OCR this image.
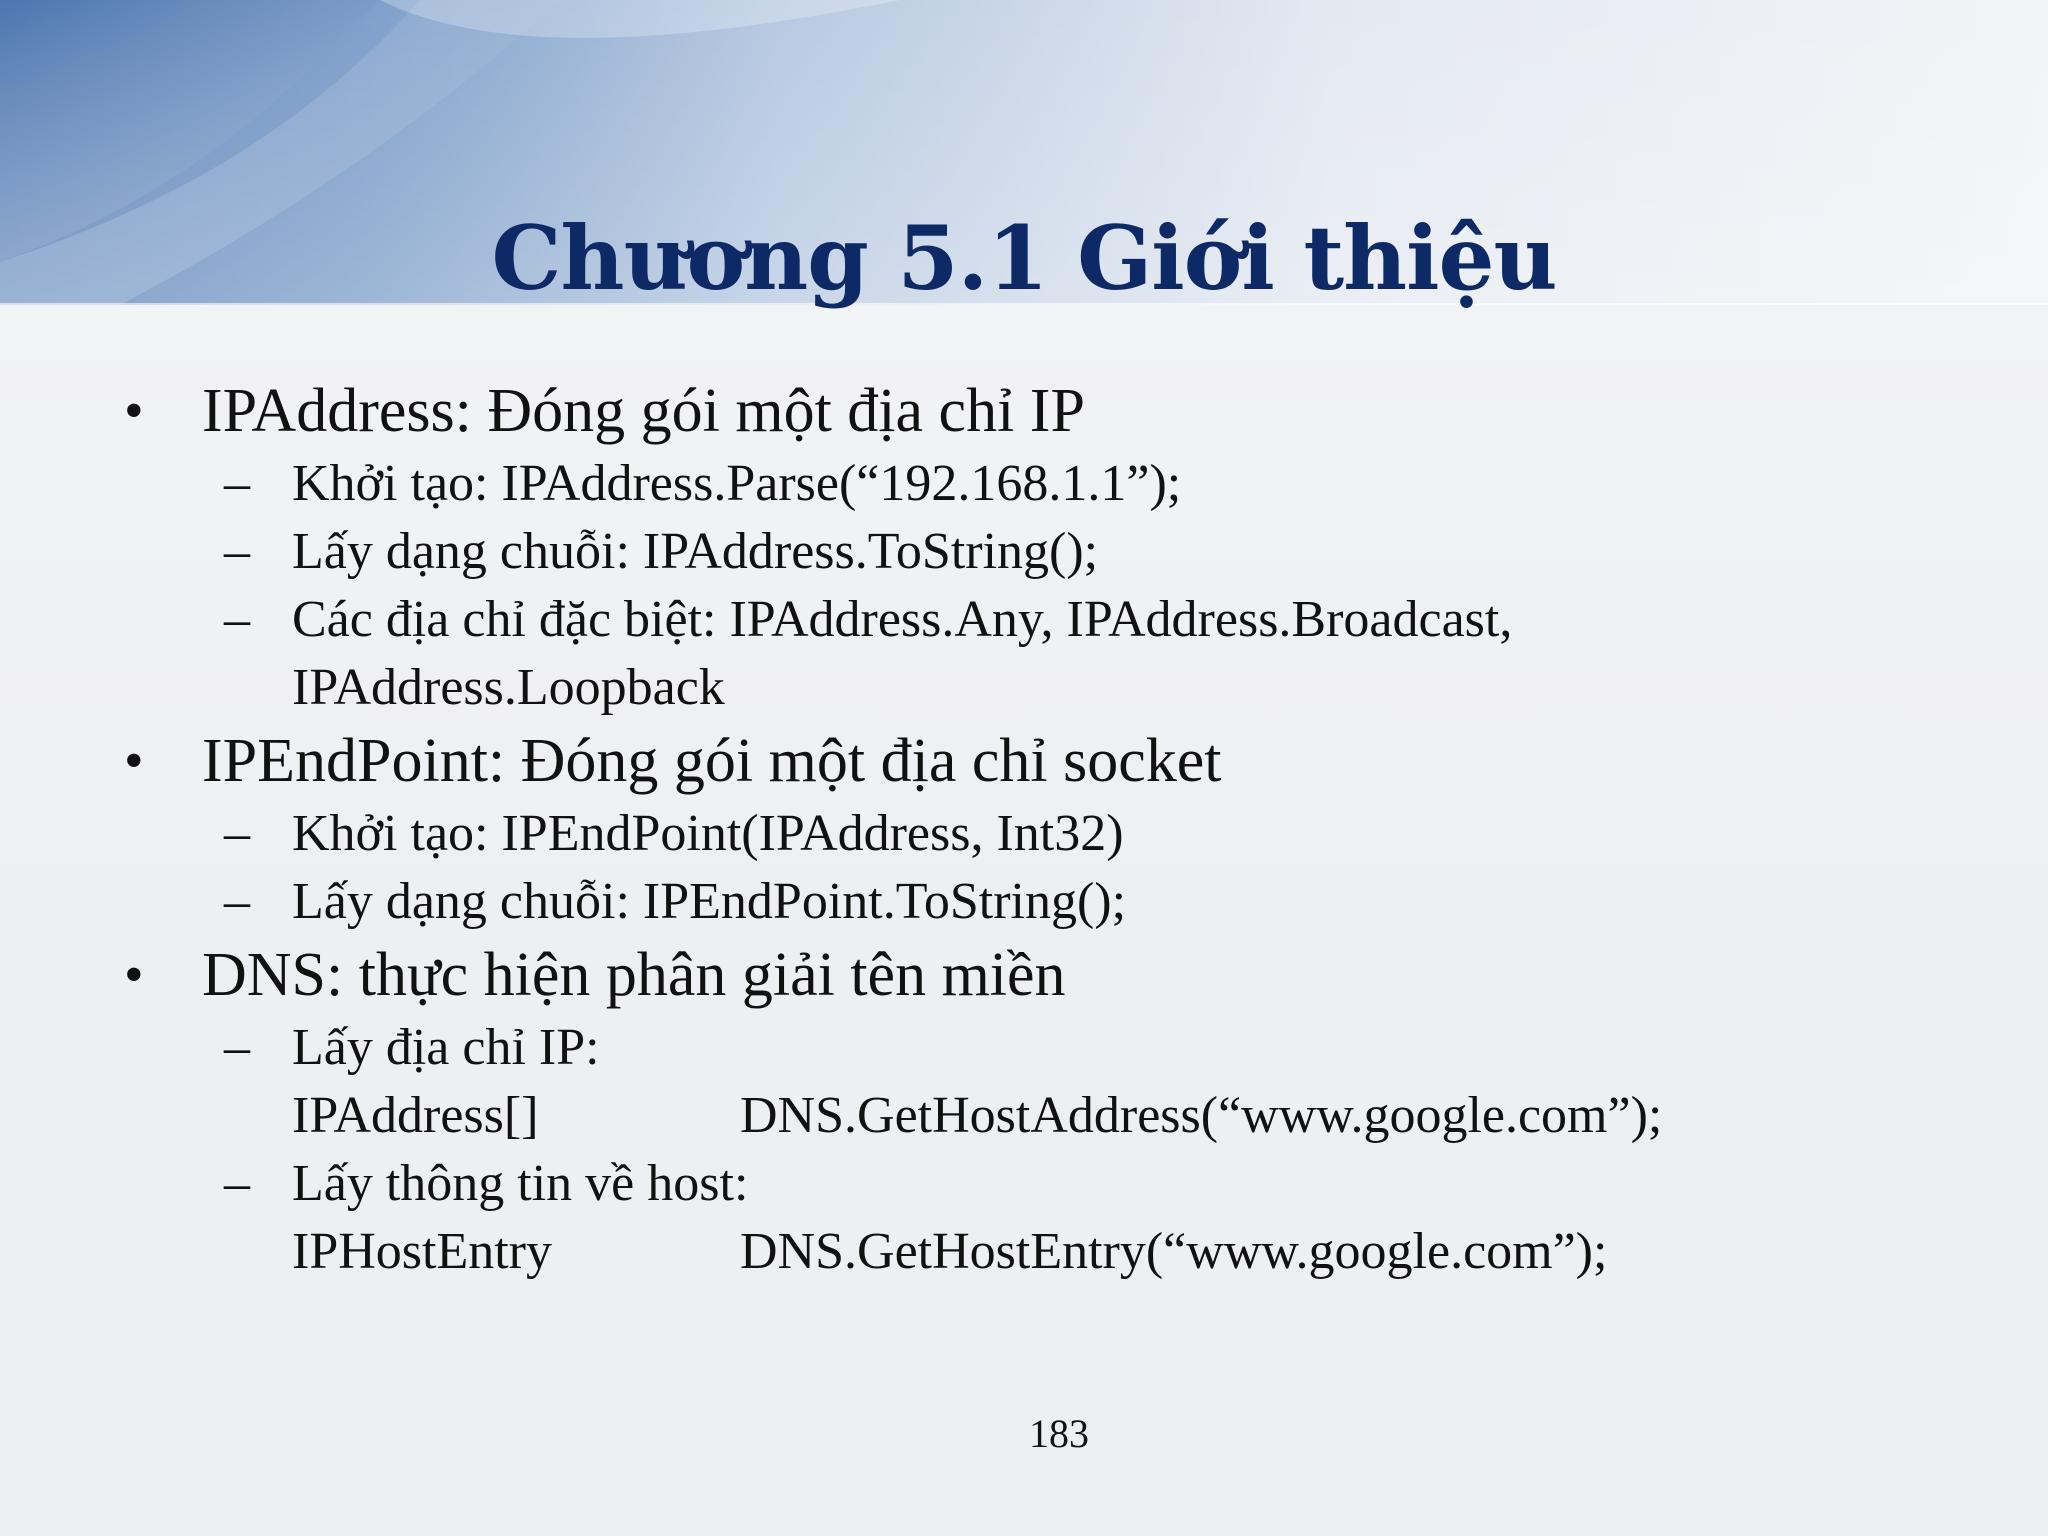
Chương 5.1 Giới thiệu
• IPAddress: Đóng gói một địa chỉ IP
– Khởi tạo: IPAddress.Parse(“192.168.1.1”);
– Lấy dạng chuỗi: IPAddress.ToString();
– Các địa chỉ đặc biệt: IPAddress.Any, IPAddress.Broadcast,
IPAddress.Loopback
• IPEndPoint: Đóng gói một địa chỉ socket
– Khởi tạo: IPEndPoint(IPAddress, Int32)
– Lấy dạng chuỗi: IPEndPoint.ToString();
• DNS: thực hiện phân giải tên miền
– Lấy địa chỉ IP:
IPAddress[]	DNS.GetHostAddress(“www.google.com”);
– Lấy thông tin về host:
IPHostEntry	DNS.GetHostEntry(“www.google.com”);
183
